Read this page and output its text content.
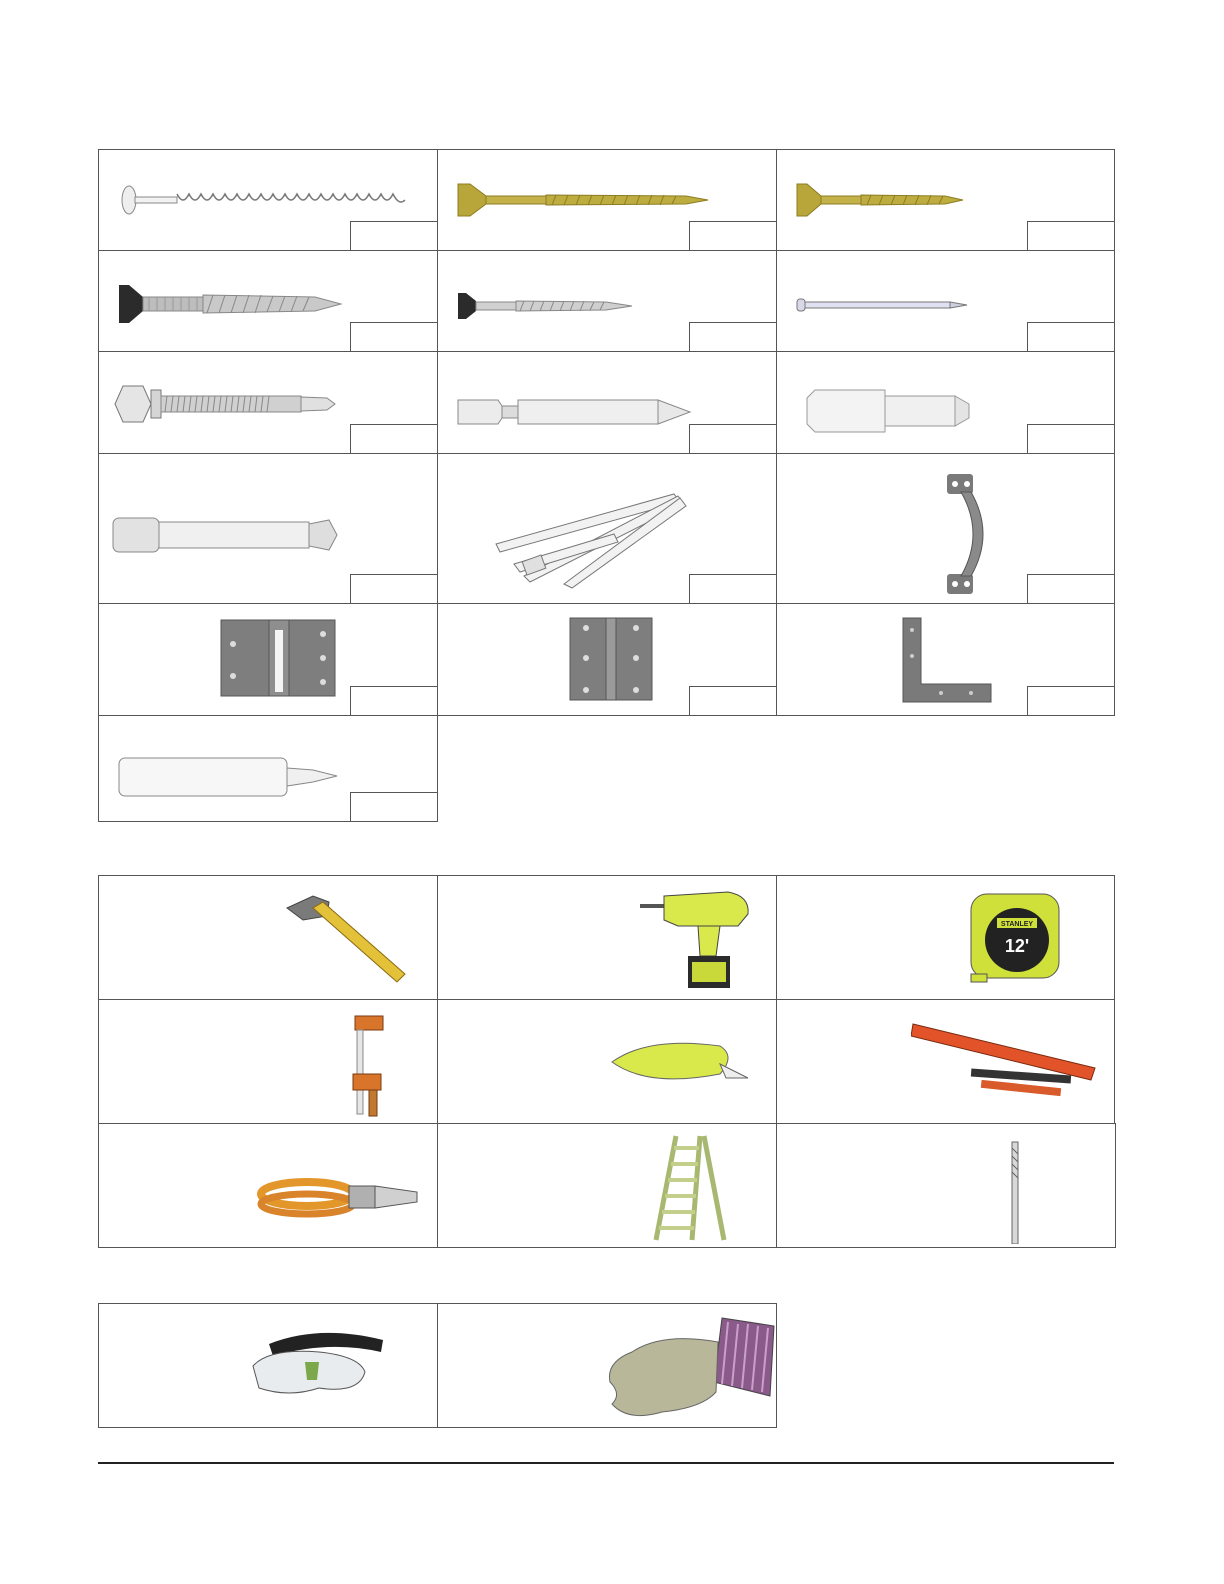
STANLEY
12'
